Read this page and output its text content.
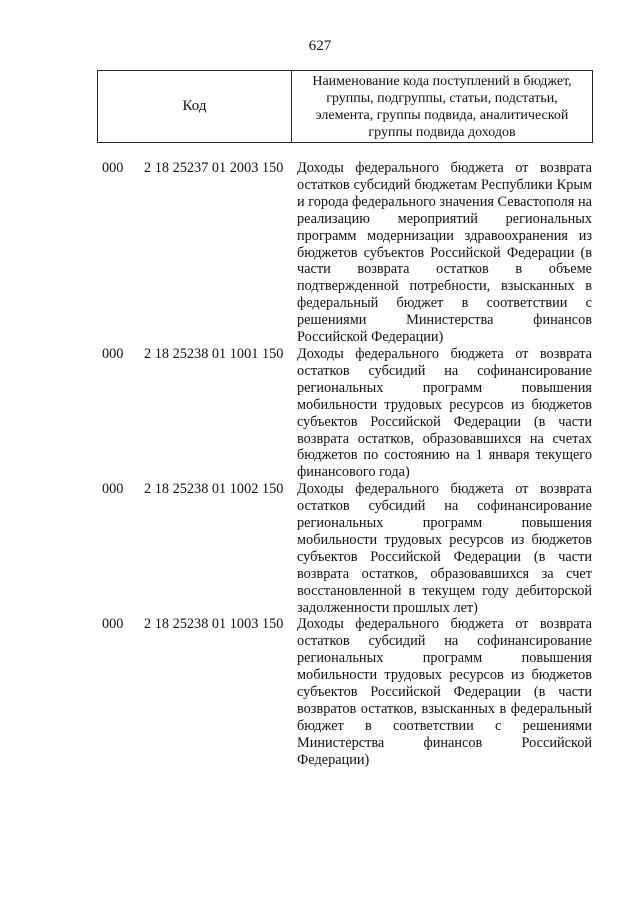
627
Код
Наименование кода поступлений в бюджет, группы, подгруппы, статьи, подстатьи, элемента, группы подвида, аналитической группы подвида доходов
000	2 18 25237 01 2003 150 Доходы федерального бюджета от возврата остатков субсидий бюджетам Республики Крым и города федерального значения Севастополя на реализацию мероприятий региональных программ модернизации здравоохранения из бюджетов субъектов Российской Федерации (в части возврата остатков в объеме подтвержденной потребности, взысканных в федеральный бюджет в соответствии с решениями Министерства финансов Российской Федерации)
000	2 18 25238 01 1001 150 Доходы федерального бюджета от возврата остатков субсидий на софинансирование региональных программ повышения мобильности трудовых ресурсов из бюджетов субъектов Российской Федерации (в части возврата остатков, образовавшихся на счетах бюджетов по состоянию на 1 января текущего финансового года)
000	2 18 25238 01 1002 150 Доходы федерального бюджета от возврата остатков субсидий на софинансирование региональных программ повышения мобильности трудовых ресурсов из бюджетов субъектов Российской Федерации (в части возврата остатков, образовавшихся за счет восстановленной в текущем году дебиторской задолженности прошлых лет)
000	2 18 25238 01 1003 150 Доходы федерального бюджета от возврата остатков субсидий на софинансирование региональных программ повышения мобильности трудовых ресурсов из бюджетов субъектов Российской Федерации (в части возвратов остатков, взысканных в федеральный бюджет в соответствии с решениями Министерства финансов Российской Федерации)
